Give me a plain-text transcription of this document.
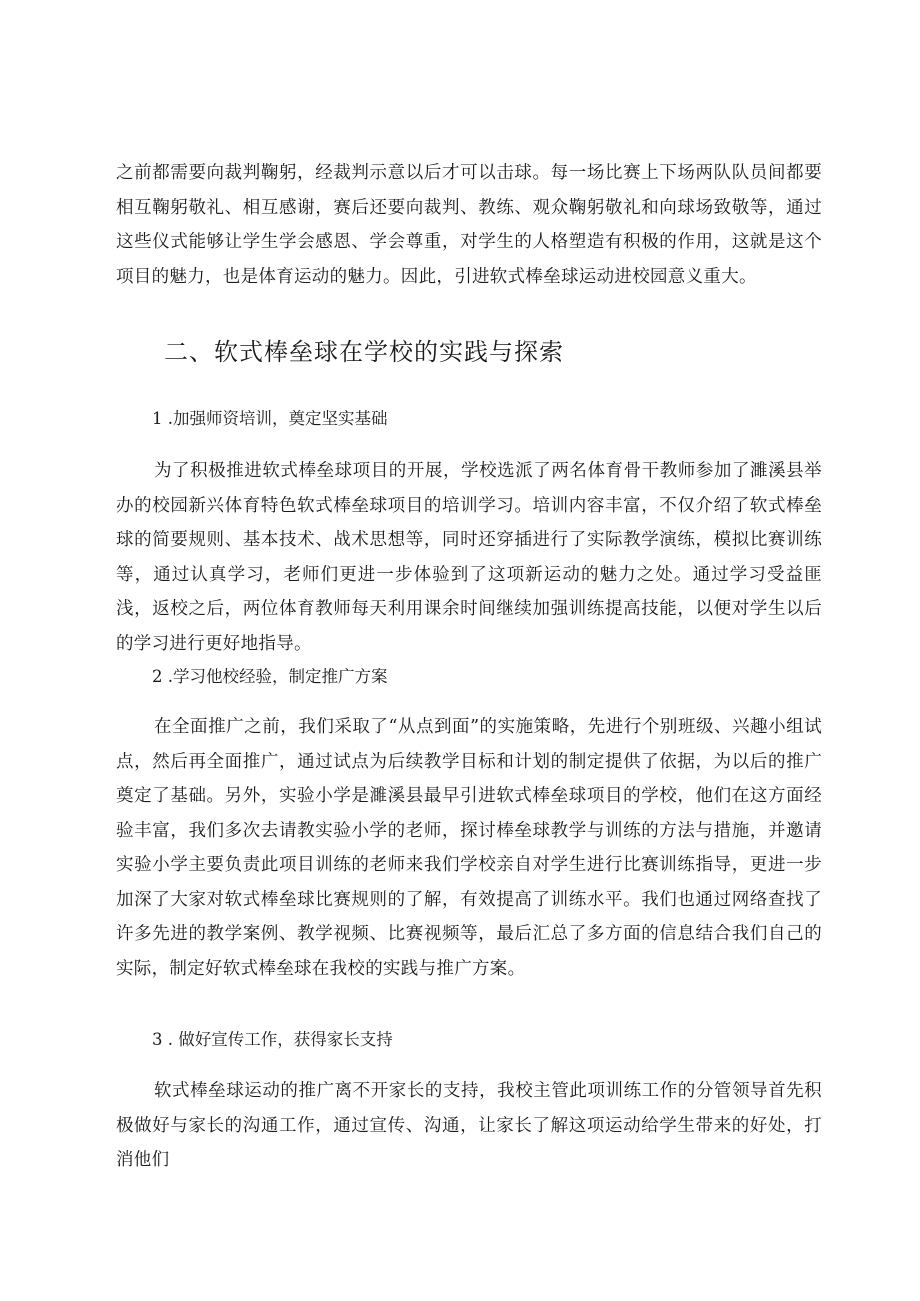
之前都需要向裁判鞠躬，经裁判示意以后才可以击球。每一场比赛上下场两队队员间都要相互鞠躬敬礼、相互感谢，赛后还要向裁判、教练、观众鞠躬敬礼和向球场致敬等，通过这些仪式能够让学生学会感恩、学会尊重，对学生的人格塑造有积极的作用，这就是这个项目的魅力，也是体育运动的魅力。因此，引进软式棒垒球运动进校园意义重大。

二、软式棒垒球在学校的实践与探索
1 .加强师资培训，奠定坚实基础

为了积极推进软式棒垒球项目的开展，学校选派了两名体育骨干教师参加了濉溪县举办的校园新兴体育特色软式棒垒球项目的培训学习。培训内容丰富，不仅介绍了软式棒垒球的简要规则、基本技术、战术思想等，同时还穿插进行了实际教学演练，模拟比赛训练等，通过认真学习，老师们更进一步体验到了这项新运动的魅力之处。通过学习受益匪浅，返校之后，两位体育教师每天利用课余时间继续加强训练提高技能，以便对学生以后的学习进行更好地指导。

2 .学习他校经验，制定推广方案

在全面推广之前，我们采取了“从点到面”的实施策略，先进行个别班级、兴趣小组试点，然后再全面推广，通过试点为后续教学目标和计划的制定提供了依据，为以后的推广奠定了基础。另外，实验小学是濉溪县最早引进软式棒垒球项目的学校，他们在这方面经验丰富，我们多次去请教实验小学的老师，探讨棒垒球教学与训练的方法与措施，并邀请实验小学主要负责此项目训练的老师来我们学校亲自对学生进行比赛训练指导，更进一步加深了大家对软式棒垒球比赛规则的了解，有效提高了训练水平。我们也通过网络查找了许多先进的教学案例、教学视频、比赛视频等，最后汇总了多方面的信息结合我们自己的实际，制定好软式棒垒球在我校的实践与推广方案。

3 . 做好宣传工作，获得家长支持

软式棒垒球运动的推广离不开家长的支持，我校主管此项训练工作的分管领导首先积极做好与家长的沟通工作，通过宣传、沟通，让家长了解这项运动给学生带来的好处，打消他们
